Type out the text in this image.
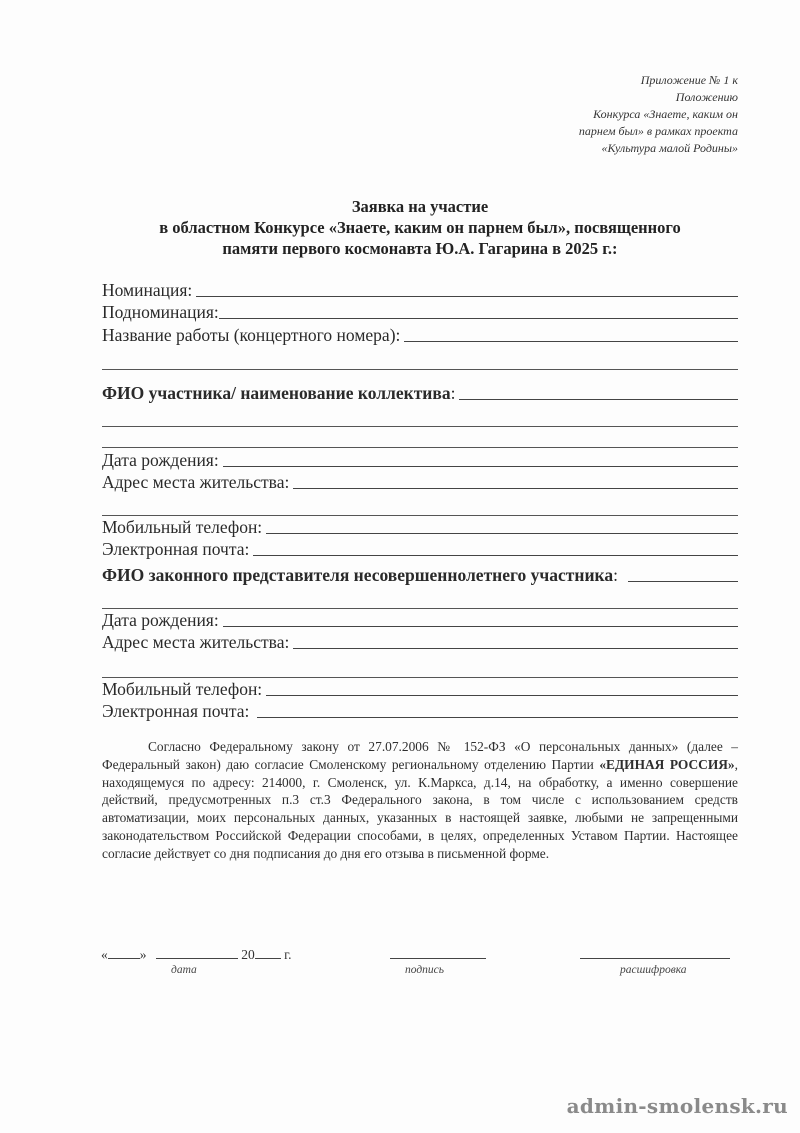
Приложение № 1 к
Положению
Конкурса «Знаете, каким он
парнем был» в рамках проекта
«Культура малой Родины»
Заявка на участие
в областном Конкурсе «Знаете, каким он парнем был», посвященного
памяти первого космонавта Ю.А. Гагарина в 2025 г.:
Номинация:
Подноминация:
Название работы (концертного номера):
ФИО участника/ наименование коллектива :
Дата рождения:
Адрес места жительства:
Мобильный телефон:
Электронная почта:
ФИО законного представителя несовершеннолетнего участника :
Дата рождения:
Адрес места жительства:
Мобильный телефон:
Электронная почта:
Согласно Федеральному закону от 27.07.2006 № 152-ФЗ «О персональных данных» (далее – Федеральный закон) даю согласие Смоленскому региональному отделению Партии «ЕДИНАЯ РОССИЯ», находящемуся по адресу: 214000, г. Смоленск, ул. К.Маркса, д.14, на обработку, а именно совершение действий, предусмотренных п.3 ст.3 Федерального закона, в том числе с использованием средств автоматизации, моих персональных данных, указанных в настоящей заявке, любыми не запрещенными законодательством Российской Федерации способами, в целях, определенных Уставом Партии. Настоящее согласие действует со дня подписания до дня его отзыва в письменной форме.
« »	20 г.
дата	подпись	расшифровка
admin-smolensk.ru
